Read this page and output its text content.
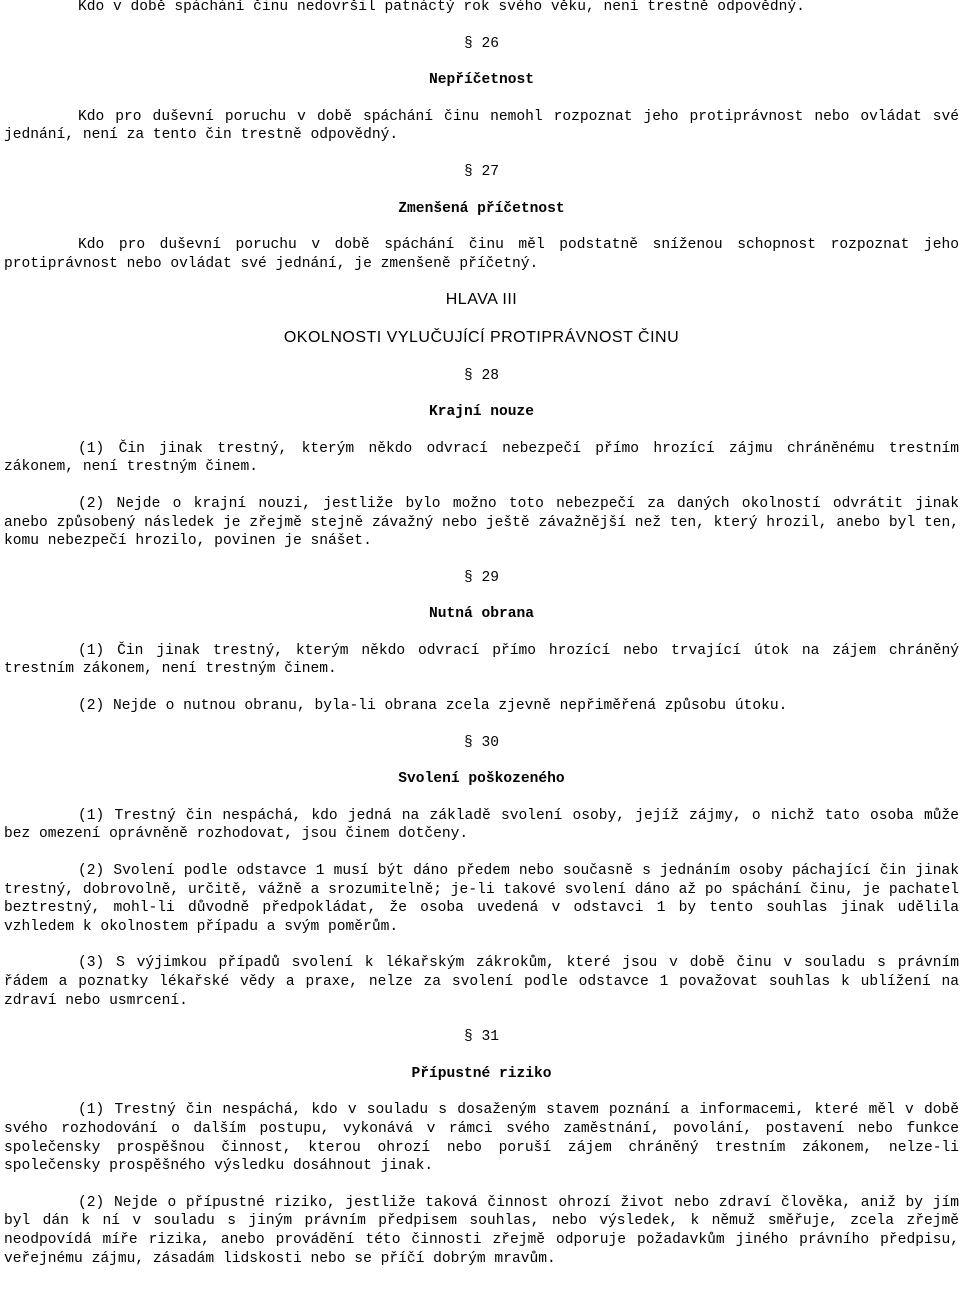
Kdo v době spáchání činu nedovršil patnáctý rok svého věku, není trestně odpovědný.

§ 26

Nepříčetnost

Kdo pro duševní poruchu v době spáchání činu nemohl rozpoznat jeho protiprávnost nebo ovládat své jednání, není za tento čin trestně odpovědný.

§ 27

Zmenšená příčetnost

Kdo pro duševní poruchu v době spáchání činu měl podstatně sníženou schopnost rozpoznat jeho protiprávnost nebo ovládat své jednání, je zmenšeně příčetný.

HLAVA III

OKOLNOSTI VYLUČUJÍCÍ PROTIPRÁVNOST ČINU

§ 28

Krajní nouze

(1) Čin jinak trestný, kterým někdo odvrací nebezpečí přímo hrozící zájmu chráněnému trestním zákonem, není trestným činem.

(2) Nejde o krajní nouzi, jestliže bylo možno toto nebezpečí za daných okolností odvrátit jinak anebo způsobený následek je zřejmě stejně závažný nebo ještě závažnější než ten, který hrozil, anebo byl ten, komu nebezpečí hrozilo, povinen je snášet.

§ 29

Nutná obrana

(1) Čin jinak trestný, kterým někdo odvrací přímo hrozící nebo trvající útok na zájem chráněný trestním zákonem, není trestným činem.

(2) Nejde o nutnou obranu, byla-li obrana zcela zjevně nepřiměřená způsobu útoku.

§ 30

Svolení poškozeného

(1) Trestný čin nespáchá, kdo jedná na základě svolení osoby, jejíž zájmy, o nichž tato osoba může bez omezení oprávněně rozhodovat, jsou činem dotčeny.

(2) Svolení podle odstavce 1 musí být dáno předem nebo současně s jednáním osoby páchající čin jinak trestný, dobrovolně, určitě, vážně a srozumitelně; je-li takové svolení dáno až po spáchání činu, je pachatel beztrestný, mohl-li důvodně předpokládat, že osoba uvedená v odstavci 1 by tento souhlas jinak udělila vzhledem k okolnostem případu a svým poměrům.

(3) S výjimkou případů svolení k lékařským zákrokům, které jsou v době činu v souladu s právním řádem a poznatky lékařské vědy a praxe, nelze za svolení podle odstavce 1 považovat souhlas k ublížení na zdraví nebo usmrcení.

§ 31

Přípustné riziko

(1) Trestný čin nespáchá, kdo v souladu s dosaženým stavem poznání a informacemi, které měl v době svého rozhodování o dalším postupu, vykonává v rámci svého zaměstnání, povolání, postavení nebo funkce společensky prospěšnou činnost, kterou ohrozí nebo poruší zájem chráněný trestním zákonem, nelze-li společensky prospěšného výsledku dosáhnout jinak.

(2) Nejde o přípustné riziko, jestliže taková činnost ohrozí život nebo zdraví člověka, aniž by jím byl dán k ní v souladu s jiným právním předpisem souhlas, nebo výsledek, k němuž směřuje, zcela zřejmě neodpovídá míře rizika, anebo provádění této činnosti zřejmě odporuje požadavkům jiného právního předpisu, veřejnému zájmu, zásadám lidskosti nebo se příčí dobrým mravům.
